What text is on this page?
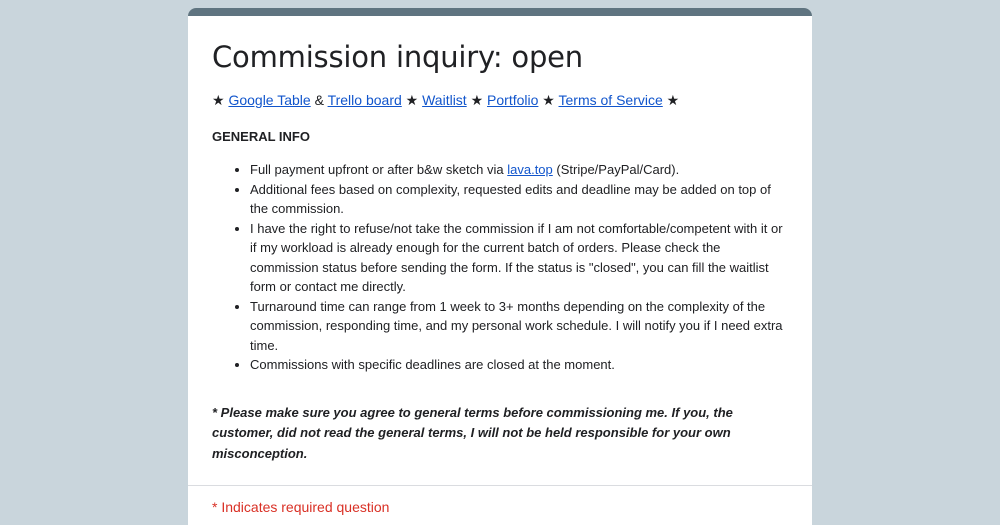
Commission inquiry: open
★ Google Table & Trello board ★ Waitlist ★ Portfolio ★ Terms of Service ★
GENERAL INFO
• Full payment upfront or after b&w sketch via lava.top (Stripe/PayPal/Card).
• Additional fees based on complexity, requested edits and deadline may be added on top of the commission.
• I have the right to refuse/not take the commission if I am not comfortable/competent with it or if my workload is already enough for the current batch of orders. Please check the commission status before sending the form. If the status is "closed", you can fill the waitlist form or contact me directly.
• Turnaround time can range from 1 week to 3+ months depending on the complexity of the commission, responding time, and my personal work schedule. I will notify you if I need extra time.
• Commissions with specific deadlines are closed at the moment.
* Please make sure you agree to general terms before commissioning me. If you, the customer, did not read the general terms, I will not be held responsible for your own misconception.
* Indicates required question
